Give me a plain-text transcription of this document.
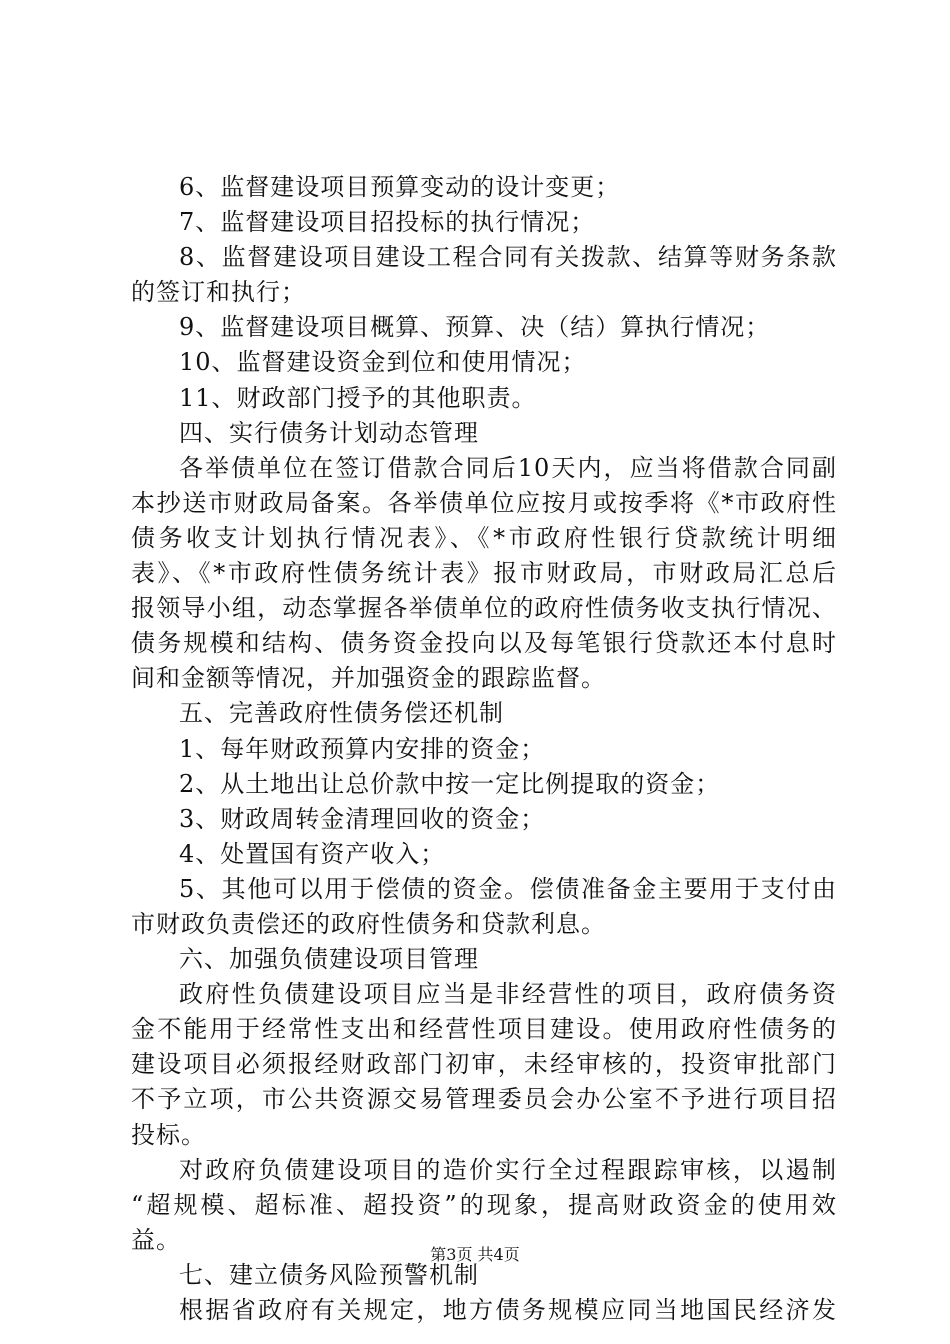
6、监督建设项目预算变动的设计变更；
7、监督建设项目招投标的执行情况；
8、监督建设项目建设工程合同有关拨款、结算等财务条款
的签订和执行；
9、监督建设项目概算、预算、决（结）算执行情况；
10、监督建设资金到位和使用情况；
11、财政部门授予的其他职责。
四、实行债务计划动态管理
各举债单位在签订借款合同后10天内，应当将借款合同副
本抄送市财政局备案。各举债单位应按月或按季将《*市政府性
债务收支计划执行情况表》、《*市政府性银行贷款统计明细
表》、《*市政府性债务统计表》报市财政局，市财政局汇总后
报领导小组，动态掌握各举债单位的政府性债务收支执行情况、
债务规模和结构、债务资金投向以及每笔银行贷款还本付息时
间和金额等情况，并加强资金的跟踪监督。
五、完善政府性债务偿还机制
1、每年财政预算内安排的资金；
2、从土地出让总价款中按一定比例提取的资金；
3、财政周转金清理回收的资金；
4、处置国有资产收入；
5、其他可以用于偿债的资金。偿债准备金主要用于支付由
市财政负责偿还的政府性债务和贷款利息。
六、加强负债建设项目管理
政府性负债建设项目应当是非经营性的项目，政府债务资
金不能用于经常性支出和经营性项目建设。使用政府性债务的
建设项目必须报经财政部门初审，未经审核的，投资审批部门
不予立项，市公共资源交易管理委员会办公室不予进行项目招
投标。
对政府负债建设项目的造价实行全过程跟踪审核，以遏制
“超规模、超标准、超投资”的现象，提高财政资金的使用效
益。
七、建立债务风险预警机制
根据省政府有关规定，地方债务规模应同当地国民经济发
第3页 共4页
